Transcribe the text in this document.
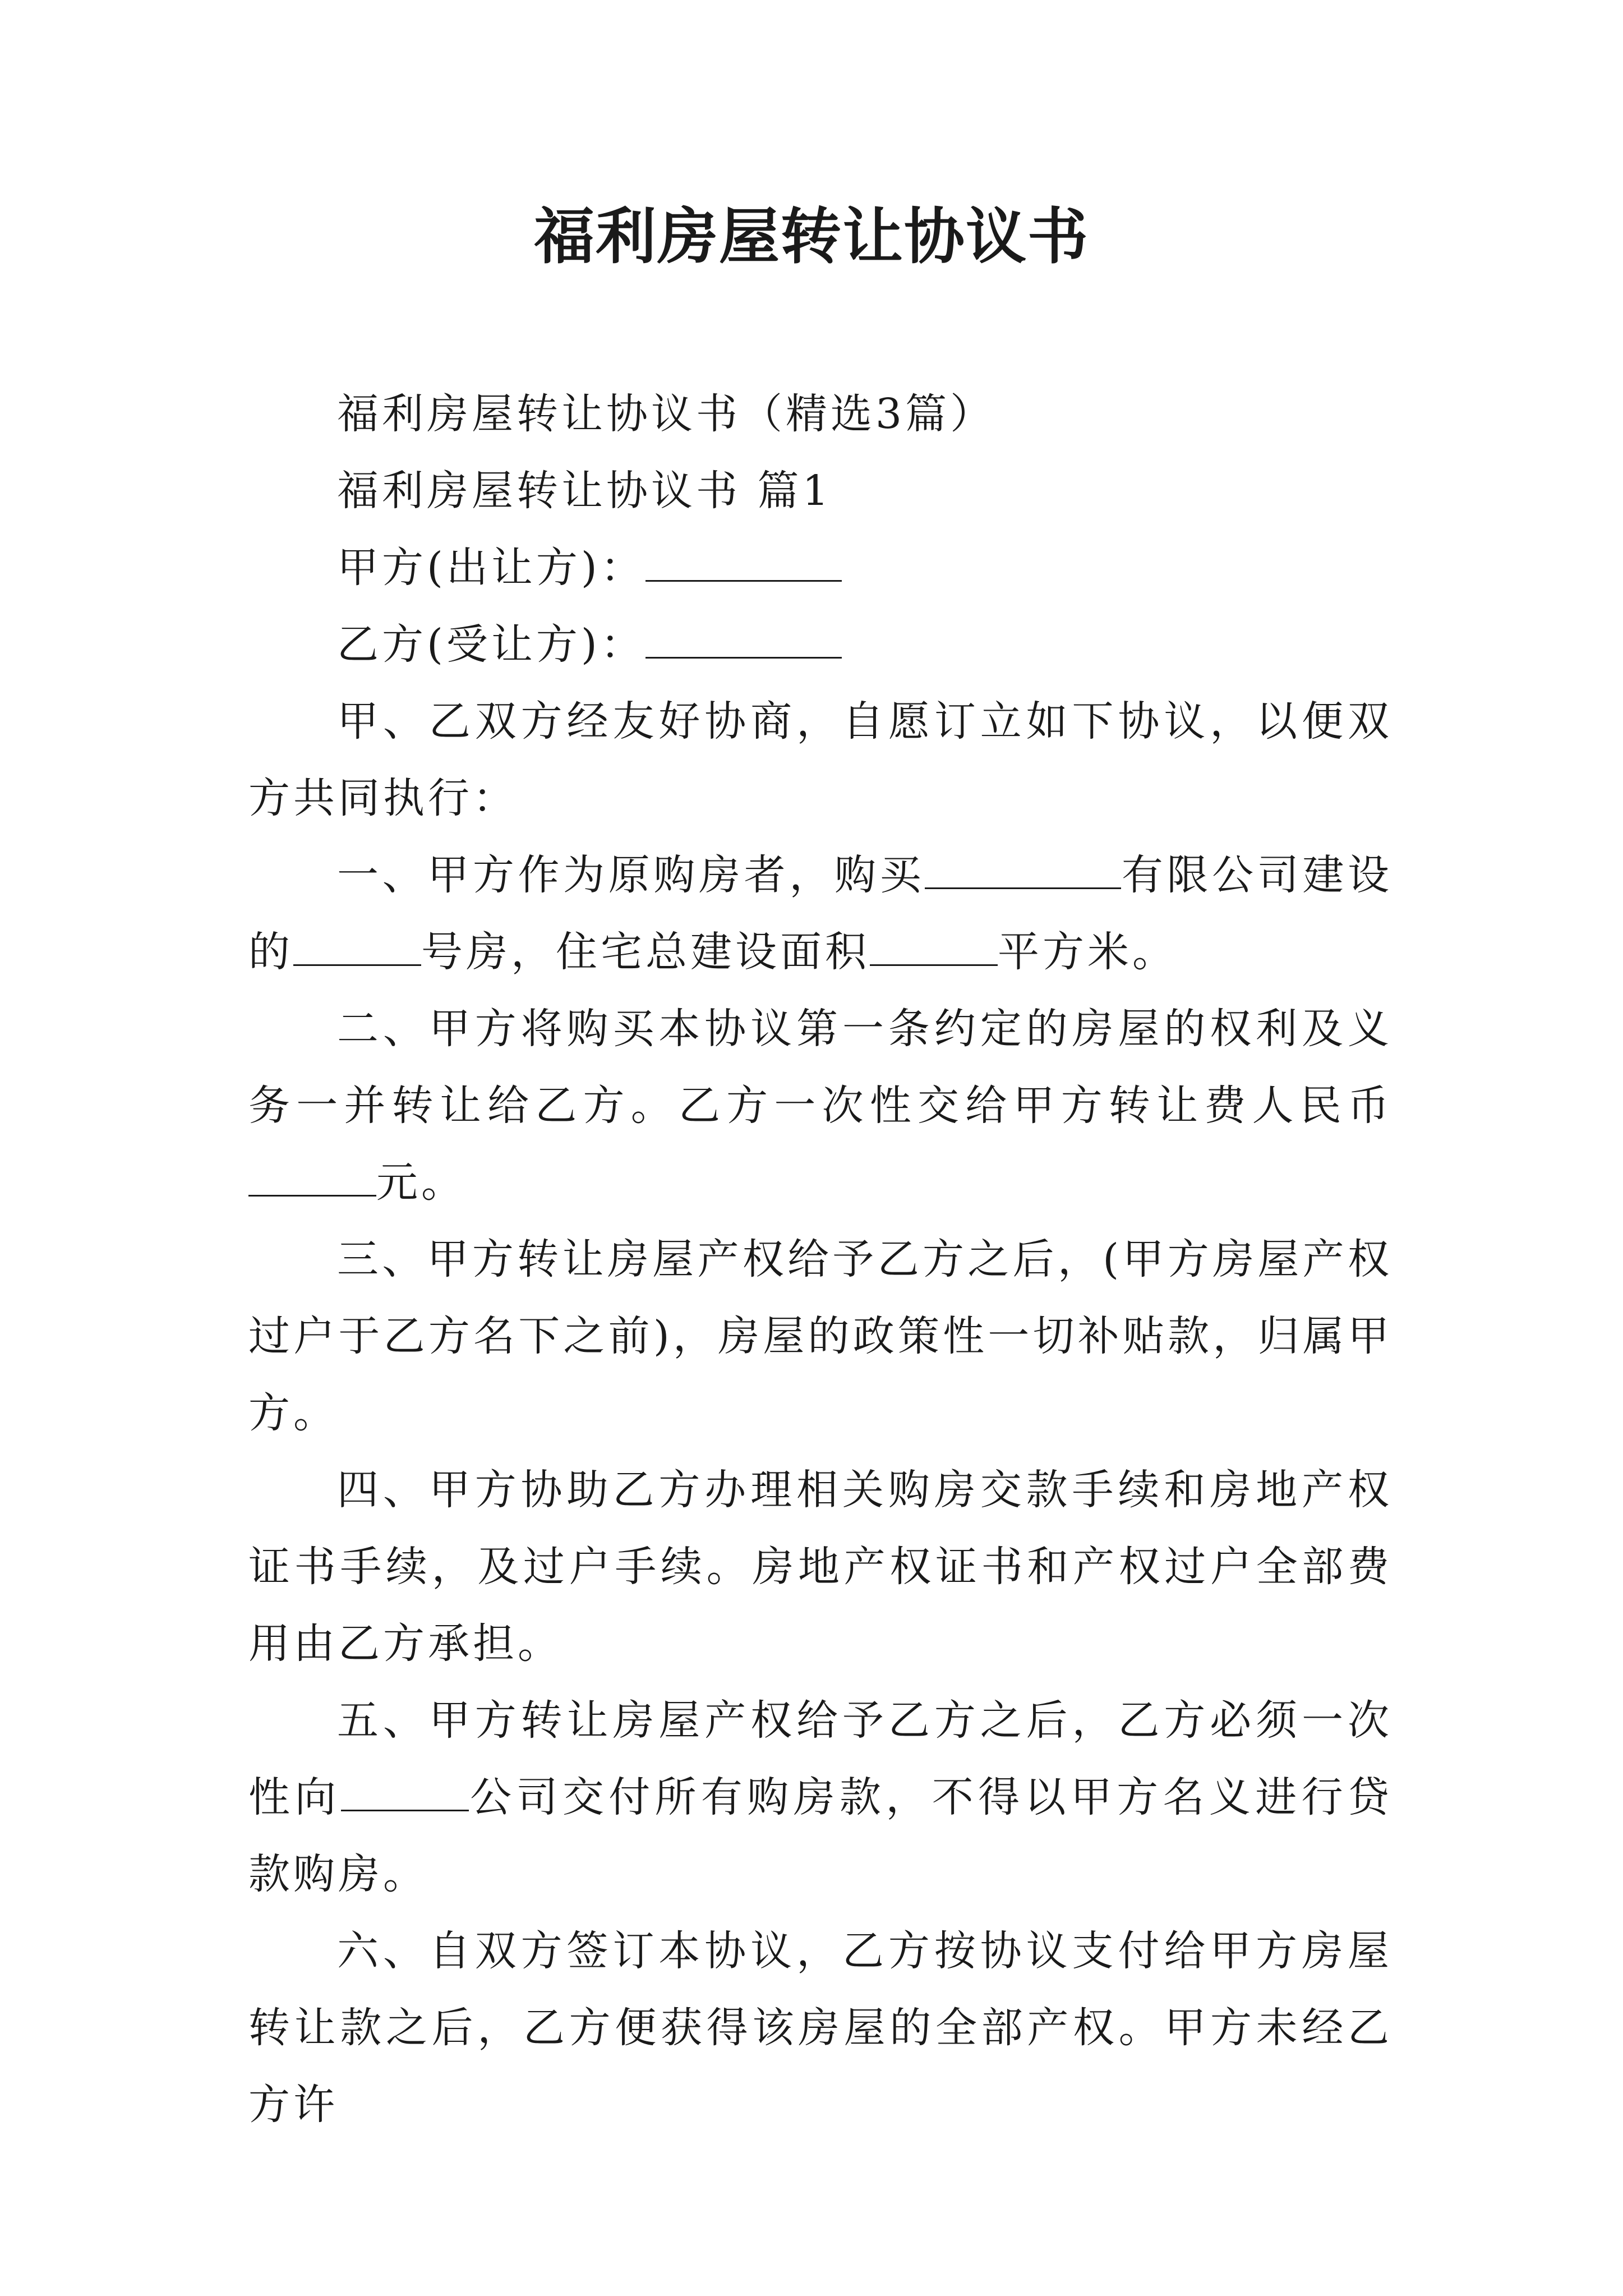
福利房屋转让协议书

福利房屋转让协议书（精选3篇）

福利房屋转让协议书 篇1

甲方(出让方)：

乙方(受让方)：

甲、乙双方经友好协商，自愿订立如下协议，以便双方共同执行：

一、甲方作为原购房者，购买	有限公司建设的	号房，住宅总建设面积	平方米。

二、甲方将购买本协议第一条约定的房屋的权利及义务一并转让给乙方。乙方一次性交给甲方转让费人民币元。

三、甲方转让房屋产权给予乙方之后，(甲方房屋产权过户于乙方名下之前)，房屋的政策性一切补贴款，归属甲方。

四、甲方协助乙方办理相关购房交款手续和房地产权证书手续，及过户手续。房地产权证书和产权过户全部费用由乙方承担。

五、甲方转让房屋产权给予乙方之后，乙方必须一次性向	公司交付所有购房款，不得以甲方名义进行贷款购房。

六、自双方签订本协议，乙方按协议支付给甲方房屋转让款之后，乙方便获得该房屋的全部产权。甲方未经乙方许
